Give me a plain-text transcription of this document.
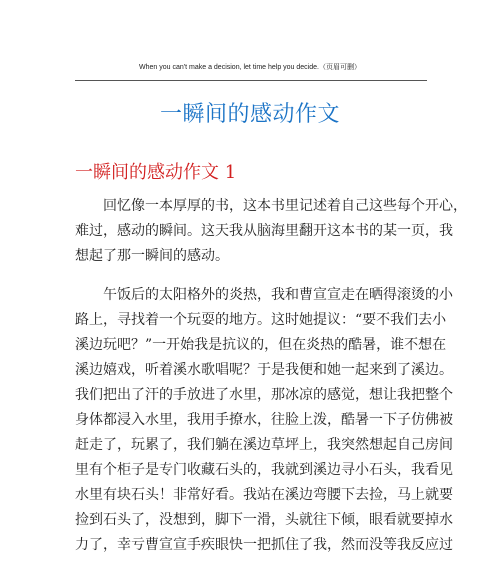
When you can't make a decision, let time help you decide.（页眉可删）
一瞬间的感动作文
一瞬间的感动作文 1
回忆像一本厚厚的书，这本书里记述着自己这些每个开心，
难过，感动的瞬间。这天我从脑海里翻开这本书的某一页，我
想起了那一瞬间的感动。
午饭后的太阳格外的炎热，我和曹宣宣走在晒得滚烫的小
路上，寻找着一个玩耍的地方。这时她提议：“要不我们去小
溪边玩吧？”一开始我是抗议的，但在炎热的酷暑，谁不想在
溪边嬉戏，听着溪水歌唱呢？于是我便和她一起来到了溪边。
我们把出了汗的手放进了水里，那冰凉的感觉，想让我把整个
身体都浸入水里，我用手撩水，往脸上泼，酷暑一下子仿佛被
赶走了，玩累了，我们躺在溪边草坪上，我突然想起自己房间
里有个柜子是专门收藏石头的，我就到溪边寻小石头，我看见
水里有块石头！非常好看。我站在溪边弯腰下去捡，马上就要
捡到石头了，没想到，脚下一滑，头就往下倾，眼看就要掉水
力了，幸亏曹宣宣手疾眼快一把抓住了我，然而没等我反应过
